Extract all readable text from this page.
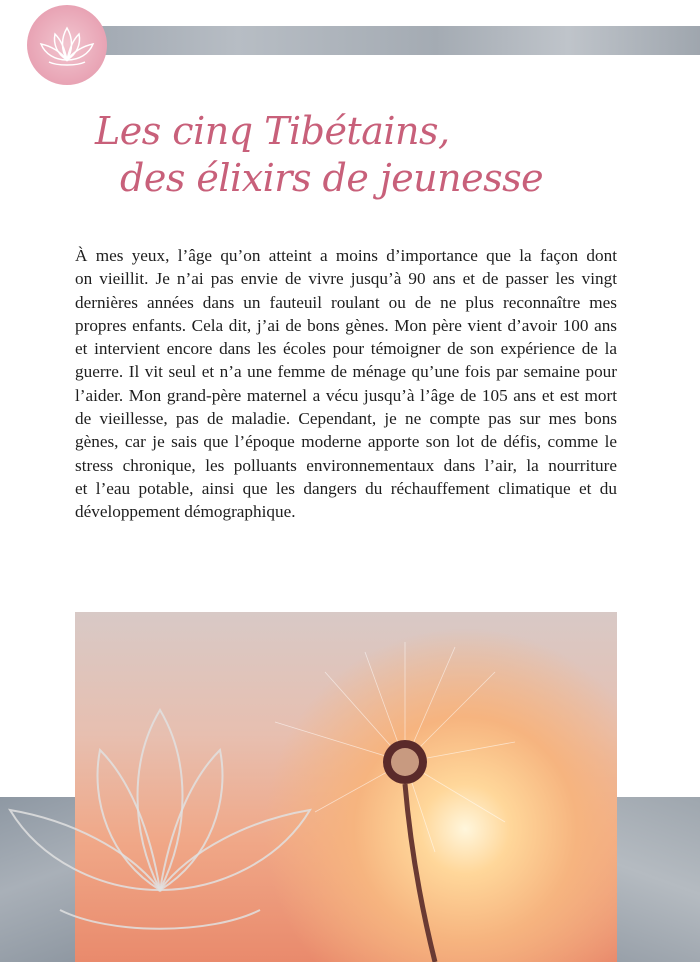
Les cinq Tibétains,
des élixirs de jeunesse
À mes yeux, l’âge qu’on atteint a moins d’importance que la façon dont
on vieillit. Je n’ai pas envie de vivre jusqu’à 90 ans et de passer les vingt
dernières années dans un fauteuil roulant ou de ne plus reconnaître mes
propres enfants. Cela dit, j’ai de bons gènes. Mon père vient d’avoir 100 ans
et intervient encore dans les écoles pour témoigner de son expérience de la
guerre. Il vit seul et n’a une femme de ménage qu’une fois par semaine pour
l’aider. Mon grand-père maternel a vécu jusqu’à l’âge de 105 ans et est mort
de vieillesse, pas de maladie. Cependant, je ne compte pas sur mes bons
gènes, car je sais que l’époque moderne apporte son lot de défis, comme le
stress chronique, les polluants environnementaux dans l’air, la nourriture
et l’eau potable, ainsi que les dangers du réchauffement climatique et du
développement démographique.
